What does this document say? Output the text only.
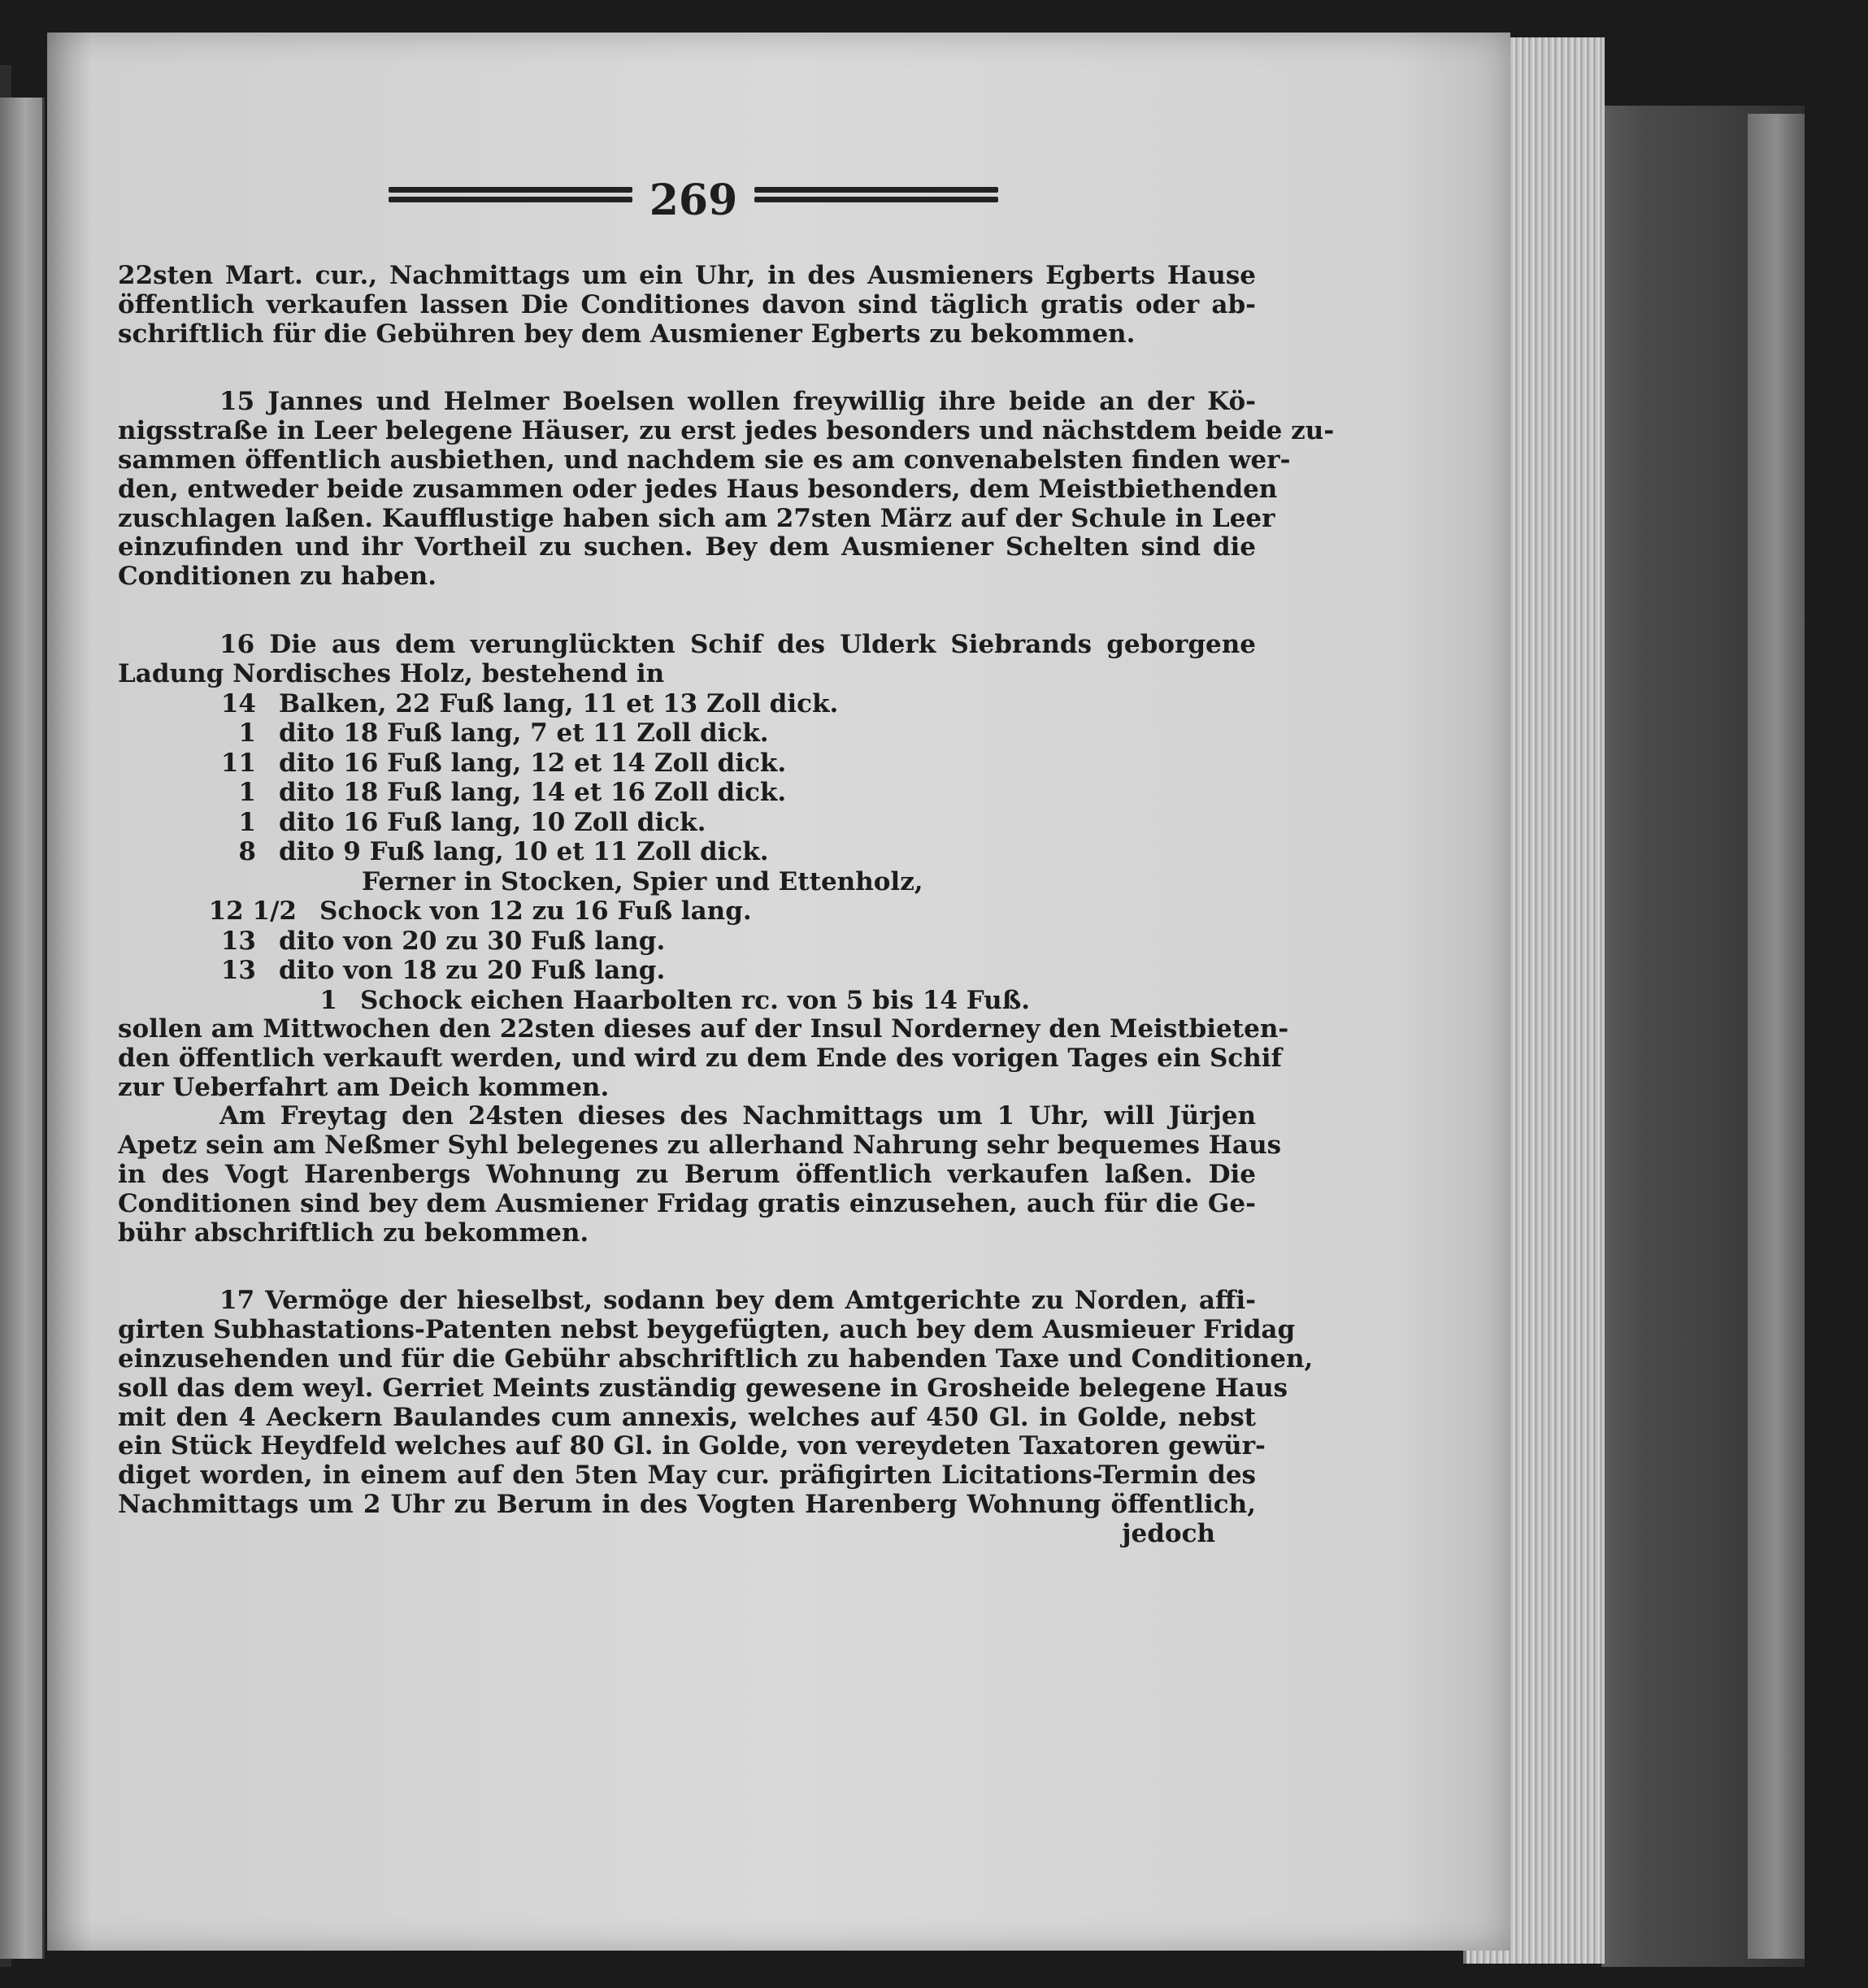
269
22sten Mart. cur., Nachmittags um ein Uhr, in des Ausmieners Egberts Hause
öffentlich verkaufen lassen Die Conditiones davon sind täglich gratis oder ab-
schriftlich für die Gebühren bey dem Ausmiener Egberts zu bekommen.
15 Jannes und Helmer Boelsen wollen freywillig ihre beide an der Kö-
nigsstraße in Leer belegene Häuser, zu erst jedes besonders und nächstdem beide zu-
sammen öffentlich ausbiethen, und nachdem sie es am convenabelsten finden wer-
den, entweder beide zusammen oder jedes Haus besonders, dem Meistbiethenden
zuschlagen laßen. Kaufflustige haben sich am 27sten März auf der Schule in Leer
einzufinden und ihr Vortheil zu suchen. Bey dem Ausmiener Schelten sind die
Conditionen zu haben.
16 Die aus dem verunglückten Schif des Ulderk Siebrands geborgene
Ladung Nordisches Holz, bestehend in
14 Balken, 22 Fuß lang, 11 et 13 Zoll dick.
1 dito 18 Fuß lang, 7 et 11 Zoll dick.
11 dito 16 Fuß lang, 12 et 14 Zoll dick.
1 dito 18 Fuß lang, 14 et 16 Zoll dick.
1 dito 16 Fuß lang, 10 Zoll dick.
8 dito 9 Fuß lang, 10 et 11 Zoll dick.
Ferner in Stocken, Spier und Ettenholz,
12 1/2 Schock von 12 zu 16 Fuß lang.
13 dito von 20 zu 30 Fuß lang.
13 dito von 18 zu 20 Fuß lang.
1 Schock eichen Haarbolten rc. von 5 bis 14 Fuß.
sollen am Mittwochen den 22sten dieses auf der Insul Norderney den Meistbieten-
den öffentlich verkauft werden, und wird zu dem Ende des vorigen Tages ein Schif
zur Ueberfahrt am Deich kommen.
Am Freytag den 24sten dieses des Nachmittags um 1 Uhr, will Jürjen
Apetz sein am Neßmer Syhl belegenes zu allerhand Nahrung sehr bequemes Haus
in des Vogt Harenbergs Wohnung zu Berum öffentlich verkaufen laßen. Die
Conditionen sind bey dem Ausmiener Fridag gratis einzusehen, auch für die Ge-
bühr abschriftlich zu bekommen.
17 Vermöge der hieselbst, sodann bey dem Amtgerichte zu Norden, affi-
girten Subhastations-Patenten nebst beygefügten, auch bey dem Ausmieuer Fridag
einzusehenden und für die Gebühr abschriftlich zu habenden Taxe und Conditionen,
soll das dem weyl. Gerriet Meints zuständig gewesene in Grosheide belegene Haus
mit den 4 Aeckern Baulandes cum annexis, welches auf 450 Gl. in Golde, nebst
ein Stück Heydfeld welches auf 80 Gl. in Golde, von vereydeten Taxatoren gewür-
diget worden, in einem auf den 5ten May cur. präfigirten Licitations-Termin des
Nachmittags um 2 Uhr zu Berum in des Vogten Harenberg Wohnung öffentlich,
jedoch
